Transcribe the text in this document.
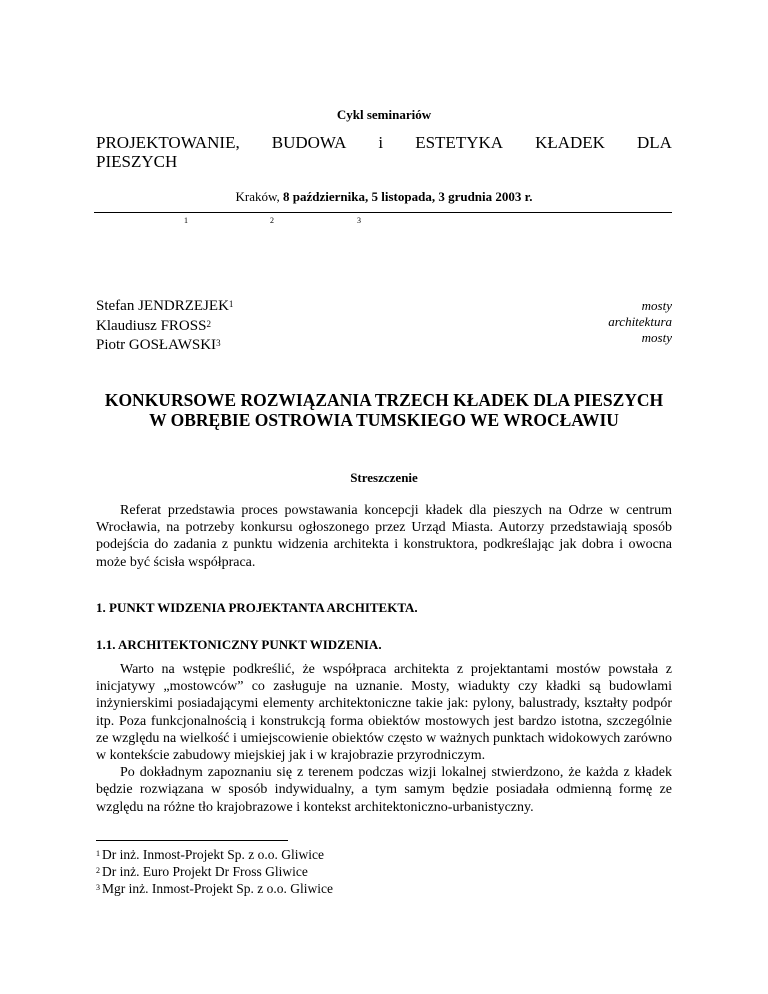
Cykl seminariów
PROJEKTOWANIE, BUDOWA i ESTETYKA KŁADEK DLA
PIESZYCH
Kraków, 8 października, 5 listopada, 3 grudnia 2003 r.
1	2	3
Stefan JENDRZEJEK$^1$
Klaudiusz FROSS$^2$
Piotr GOSŁAWSKI$^3$
mosty
architektura
mosty
KONKURSOWE ROZWIĄZANIA TRZECH KŁADEK DLA PIESZYCH W OBRĘBIE OSTROWIA TUMSKIEGO WE WROCŁAWIU
Streszczenie

Referat przedstawia proces powstawania koncepcji kładek dla pieszych na Odrze w centrum Wrocławia, na potrzeby konkursu ogłoszonego przez Urząd Miasta. Autorzy przedstawiają sposób podejścia do zadania z punktu widzenia architekta i konstruktora, podkreślając jak dobra i owocna może być ścisła współpraca.

1. PUNKT WIDZENIA PROJEKTANTA ARCHITEKTA.
1.1. ARCHITEKTONICZNY PUNKT WIDZENIA.

Warto na wstępie podkreślić, że współpraca architekta z projektantami mostów powstała z inicjatywy „mostowców” co zasługuje na uznanie. Mosty, wiadukty czy kładki są budowlami inżynierskimi posiadającymi elementy architektoniczne takie jak: pylony, balustrady, kształty podpór itp. Poza funkcjonalnością i konstrukcją forma obiektów mostowych jest bardzo istotna, szczególnie ze względu na wielkość i umiejscowienie obiektów często w ważnych punktach widokowych zarówno w kontekście zabudowy miejskiej jak i w krajobrazie przyrodniczym.

Po dokładnym zapoznaniu się z terenem podczas wizji lokalnej stwierdzono, że każda z kładek będzie rozwiązana w sposób indywidualny, a tym samym będzie posiadała odmienną formę ze względu na różne tło krajobrazowe i kontekst architektoniczno-urbanistyczny.

$^1$ Dr inż. Inmost-Projekt Sp. z o.o. Gliwice
$^2$ Dr inż. Euro Projekt Dr Fross Gliwice
$^3$ Mgr inż. Inmost-Projekt Sp. z o.o. Gliwice
